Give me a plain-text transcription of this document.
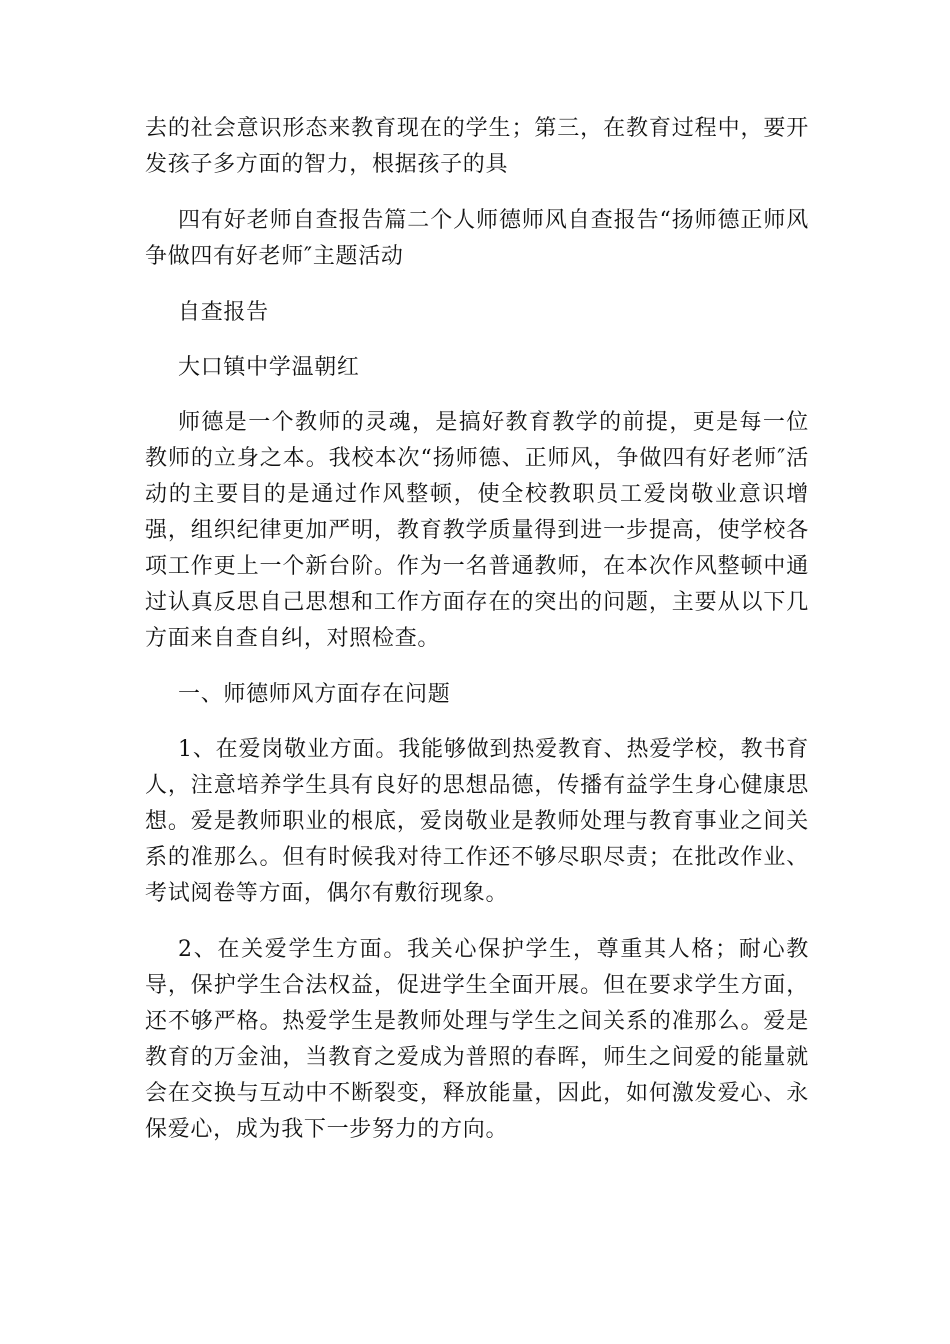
去的社会意识形态来教育现在的学生；第三，在教育过程中，要开发孩子多方面的智力，根据孩子的具

四有好老师自查报告篇二个人师德师风自查报告“扬师德正师风争做四有好老师″主题活动

自查报告

大口镇中学温朝红

师德是一个教师的灵魂，是搞好教育教学的前提，更是每一位教师的立身之本。我校本次“扬师德、正师风，争做四有好老师″活动的主要目的是通过作风整顿，使全校教职员工爱岗敬业意识增强，组织纪律更加严明，教育教学质量得到进一步提高，使学校各项工作更上一个新台阶。作为一名普通教师，在本次作风整顿中通过认真反思自己思想和工作方面存在的突出的问题，主要从以下几方面来自查自纠，对照检查。

一、师德师风方面存在问题

1、在爱岗敬业方面。我能够做到热爱教育、热爱学校，教书育人，注意培养学生具有良好的思想品德，传播有益学生身心健康思想。爱是教师职业的根底，爱岗敬业是教师处理与教育事业之间关系的准那么。但有时候我对待工作还不够尽职尽责；在批改作业、考试阅卷等方面，偶尔有敷衍现象。

2、在关爱学生方面。我关心保护学生，尊重其人格；耐心教导，保护学生合法权益，促进学生全面开展。但在要求学生方面，还不够严格。热爱学生是教师处理与学生之间关系的准那么。爱是教育的万金油，当教育之爱成为普照的春晖，师生之间爱的能量就会在交换与互动中不断裂变，释放能量，因此，如何激发爱心、永保爱心，成为我下一步努力的方向。
